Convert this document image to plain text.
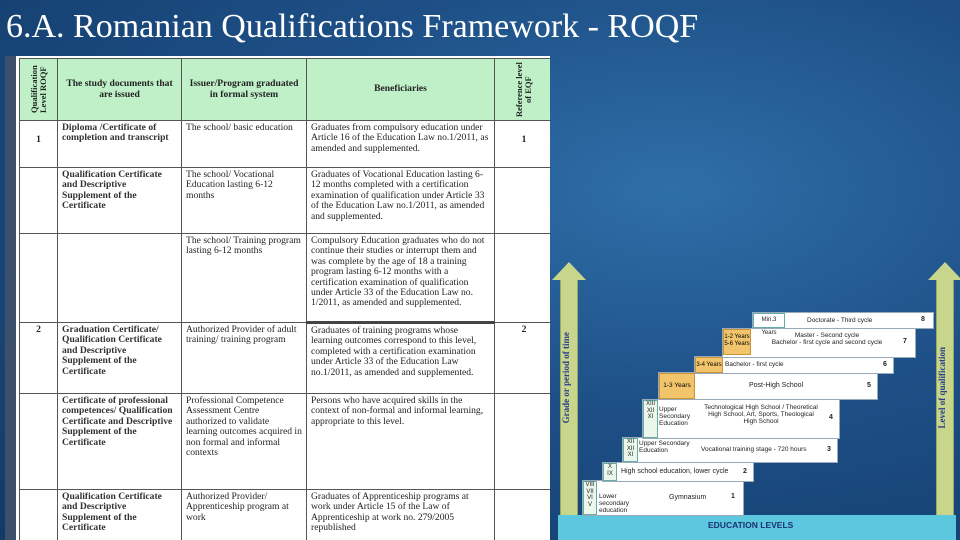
6.A. Romanian Qualifications Framework - ROQF
Qualification Level ROQF	The study documents that are issued	Issuer/Program graduated in formal system	Beneficiaries	Reference level of EQF

1	Diploma /Certificate of completion and transcript	The school/ basic education	Graduates from compulsory education under Article 16 of the Education Law no.1/2011, as amended and supplemented.	1
	Qualification Certificate and Descriptive Supplement of the Certificate	The school/ Vocational Education lasting 6-12 months	Graduates of Vocational Education lasting 6-12 months completed with a certification examination of qualification under Article 33 of the Education Law no.1/2011, as amended and supplemented.	
		The school/ Training program lasting 6-12 months	Compulsory Education graduates who do not continue their studies or interrupt them and was complete by the age of 18 a training program lasting 6-12 months with a certification examination of qualification under Article 33 of the Education Law no. 1/2011, as amended and supplemented.	
2	Graduation Certificate/ Qualification Certificate and Descriptive Supplement of the Certificate	Authorized Provider of adult training/ training program	Graduates of training programs whose learning outcomes correspond to this level, completed with a certification examination under Article 33 of the Education Law no.1/2011, as amended and supplemented.	2
	Certificate of professional competences/ Qualification Certificate and Descriptive Supplement of the Certificate	Professional Competence Assessment Centre authorized to validate learning outcomes acquired in non formal and informal contexts	Persons who have acquired skills in the context of non-formal and informal learning, appropriate to this level.	
	Qualification Certificate and Descriptive Supplement of the Certificate	Authorized Provider/ Apprenticeship program at work	Graduates of Apprenticeship programs at work under Article 15 of the Law of Apprenticeship at work no. 279/2005 republished		EDUCATION LEVELS
Grade or period of time	Level of qualification
VIII
VII
VI
V
Lower secondary education
Gymnasium	1
X
IX	High school education, lower cycle 2
XII
XII
XI
Upper Secondary Education	Vocational training stage - 720 hours	3
XIII
XII
XI
Upper Secondary Education
Technological High School / Theoretical High School, Art, Sports, Theological High School
4
1-3 Years	Post-High School	5
3-4 Years Bachelor - first cycle	6
1-2 Years
5-6 Years
Master - Second cycle
Bachelor - first cycle and second cycle	7
Min.3 Years
Doctorate - Third cycle	8
